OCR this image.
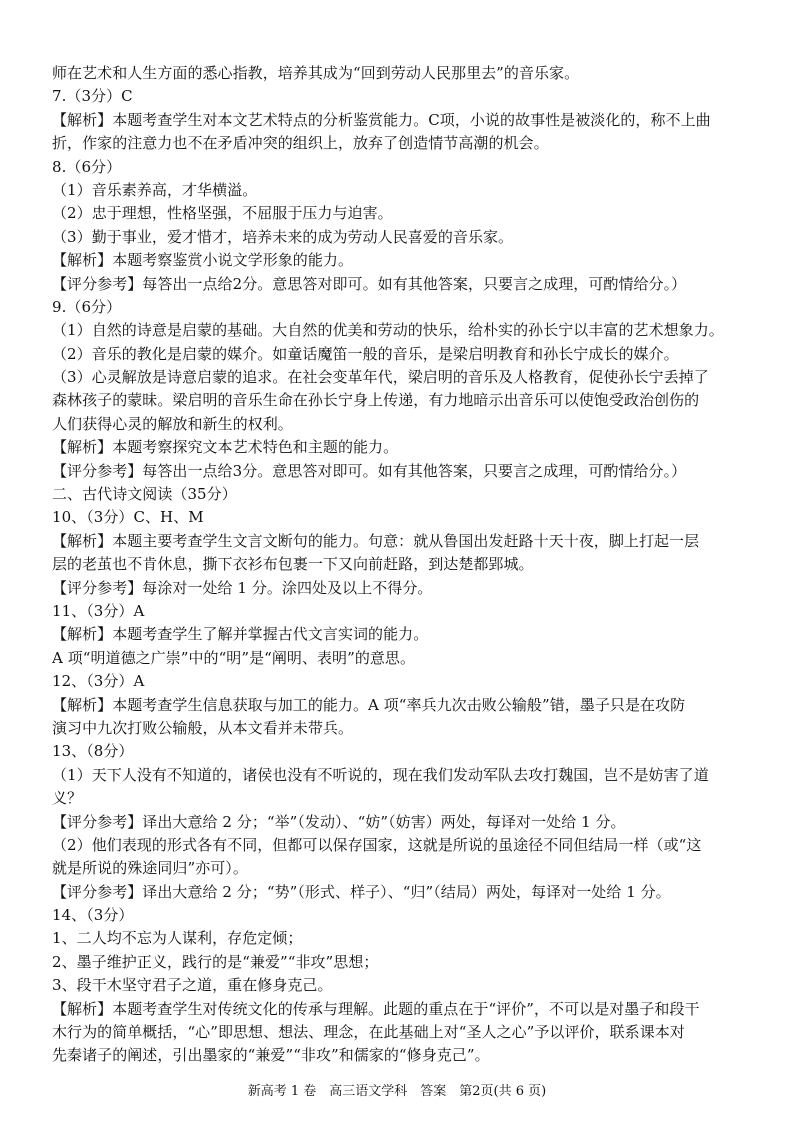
师在艺术和人生方面的悉心指教，培养其成为“回到劳动人民那里去”的音乐家。
7.（3分）C
【解析】本题考查学生对本文艺术特点的分析鉴赏能力。C项，小说的故事性是被淡化的，称不上曲
折，作家的注意力也不在矛盾冲突的组织上，放弃了创造情节高潮的机会。
8.（6分）
（1）音乐素养高，才华横溢。
（2）忠于理想，性格坚强，不屈服于压力与迫害。
（3）勤于事业，爱才惜才，培养未来的成为劳动人民喜爱的音乐家。
【解析】本题考察鉴赏小说文学形象的能力。
【评分参考】每答出一点给2分。意思答对即可。如有其他答案，只要言之成理，可酌情给分。）
9.（6分）
（1）自然的诗意是启蒙的基础。大自然的优美和劳动的快乐，给朴实的孙长宁以丰富的艺术想象力。
（2）音乐的教化是启蒙的媒介。如童话魔笛一般的音乐，是梁启明教育和孙长宁成长的媒介。
（3）心灵解放是诗意启蒙的追求。在社会变革年代，梁启明的音乐及人格教育，促使孙长宁丢掉了
森林孩子的蒙昧。梁启明的音乐生命在孙长宁身上传递，有力地暗示出音乐可以使饱受政治创伤的
人们获得心灵的解放和新生的权利。
【解析】本题考察探究文本艺术特色和主题的能力。
【评分参考】每答出一点给3分。意思答对即可。如有其他答案，只要言之成理，可酌情给分。）
二、古代诗文阅读（35分）
10、（3分）C、H、M
【解析】本题主要考查学生文言文断句的能力。句意：就从鲁国出发赶路十天十夜，脚上打起一层
层的老茧也不肯休息，撕下衣衫布包裹一下又向前赶路，到达楚都郢城。
【评分参考】每涂对一处给 1 分。涂四处及以上不得分。
11、（3分）A
【解析】本题考查学生了解并掌握古代文言实词的能力。
A 项“明道德之广崇”中的“明”是“阐明、表明”的意思。
12、（3分）A
【解析】本题考查学生信息获取与加工的能力。A 项“率兵九次击败公输般”错，墨子只是在攻防
演习中九次打败公输般，从本文看并未带兵。
13、（8分）
（1）天下人没有不知道的，诸侯也没有不听说的，现在我们发动军队去攻打魏国，岂不是妨害了道
义？
【评分参考】译出大意给 2 分；“举”（发动）、“妨”（妨害）两处，每译对一处给 1 分。
（2）他们表现的形式各有不同，但都可以保存国家，这就是所说的虽途径不同但结局一样（或“这
就是所说的殊途同归”亦可）。
【评分参考】译出大意给 2 分；“势”（形式、样子）、“归”（结局）两处，每译对一处给 1 分。
14、（3分）
1、二人均不忘为人谋利，存危定倾；
2、墨子维护正义，践行的是“兼爱”“非攻”思想；
3、段干木坚守君子之道，重在修身克己。
【解析】本题考查学生对传统文化的传承与理解。此题的重点在于“评价”，不可以是对墨子和段干
木行为的简单概括，“心”即思想、想法、理念，在此基础上对“圣人之心”予以评价，联系课本对
先秦诸子的阐述，引出墨家的“兼爱”“非攻”和儒家的“修身克己”。
新高考 1 卷　高三语文学科　答案　第2页(共 6 页)
